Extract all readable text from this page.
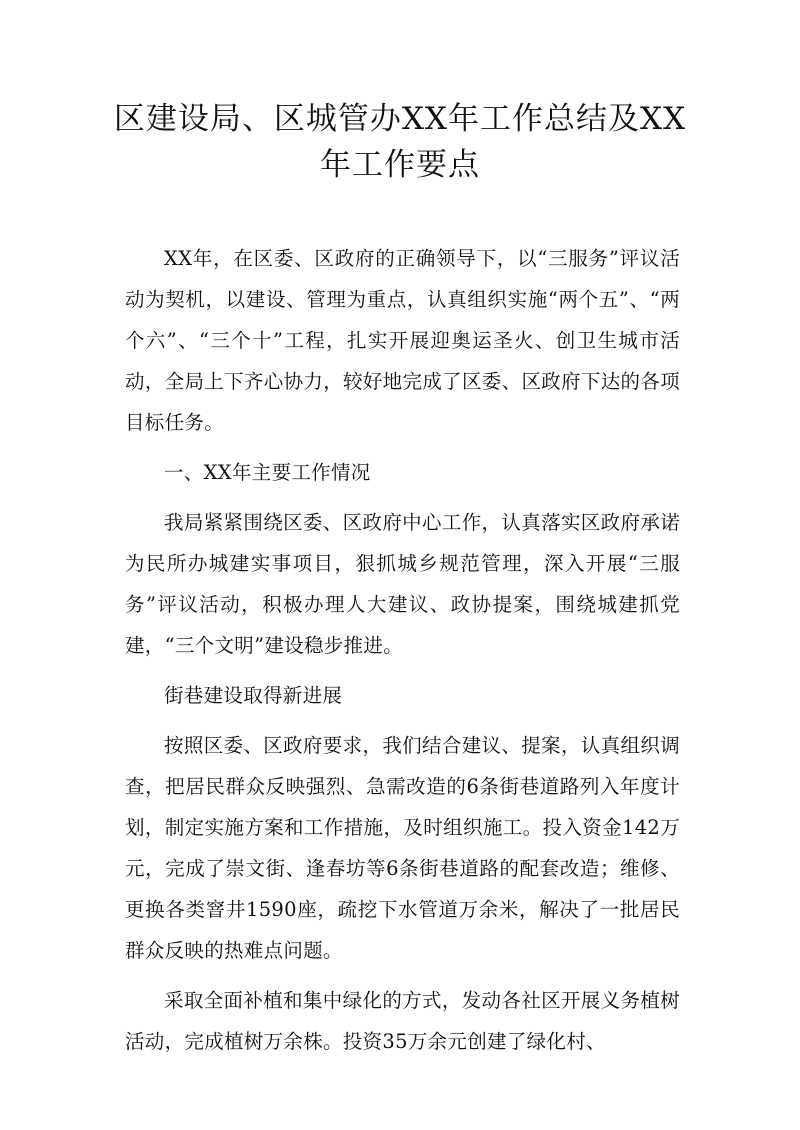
区建设局、区城管办XX年工作总结及XX
年工作要点

XX年，在区委、区政府的正确领导下，以“三服务”评议活动为契机，以建设、管理为重点，认真组织实施“两个五”、“两个六”、“三个十”工程，扎实开展迎奥运圣火、创卫生城市活动，全局上下齐心协力，较好地完成了区委、区政府下达的各项目标任务。

一、XX年主要工作情况

我局紧紧围绕区委、区政府中心工作，认真落实区政府承诺为民所办城建实事项目，狠抓城乡规范管理，深入开展“三服务”评议活动，积极办理人大建议、政协提案，围绕城建抓党建，“三个文明”建设稳步推进。

街巷建设取得新进展

按照区委、区政府要求，我们结合建议、提案，认真组织调查，把居民群众反映强烈、急需改造的6条街巷道路列入年度计划，制定实施方案和工作措施，及时组织施工。投入资金142万元，完成了崇文街、逢春坊等6条街巷道路的配套改造；维修、更换各类窨井1590座，疏挖下水管道万余米，解决了一批居民群众反映的热难点问题。

采取全面补植和集中绿化的方式，发动各社区开展义务植树活动，完成植树万余株。投资35万余元创建了绿化村、
